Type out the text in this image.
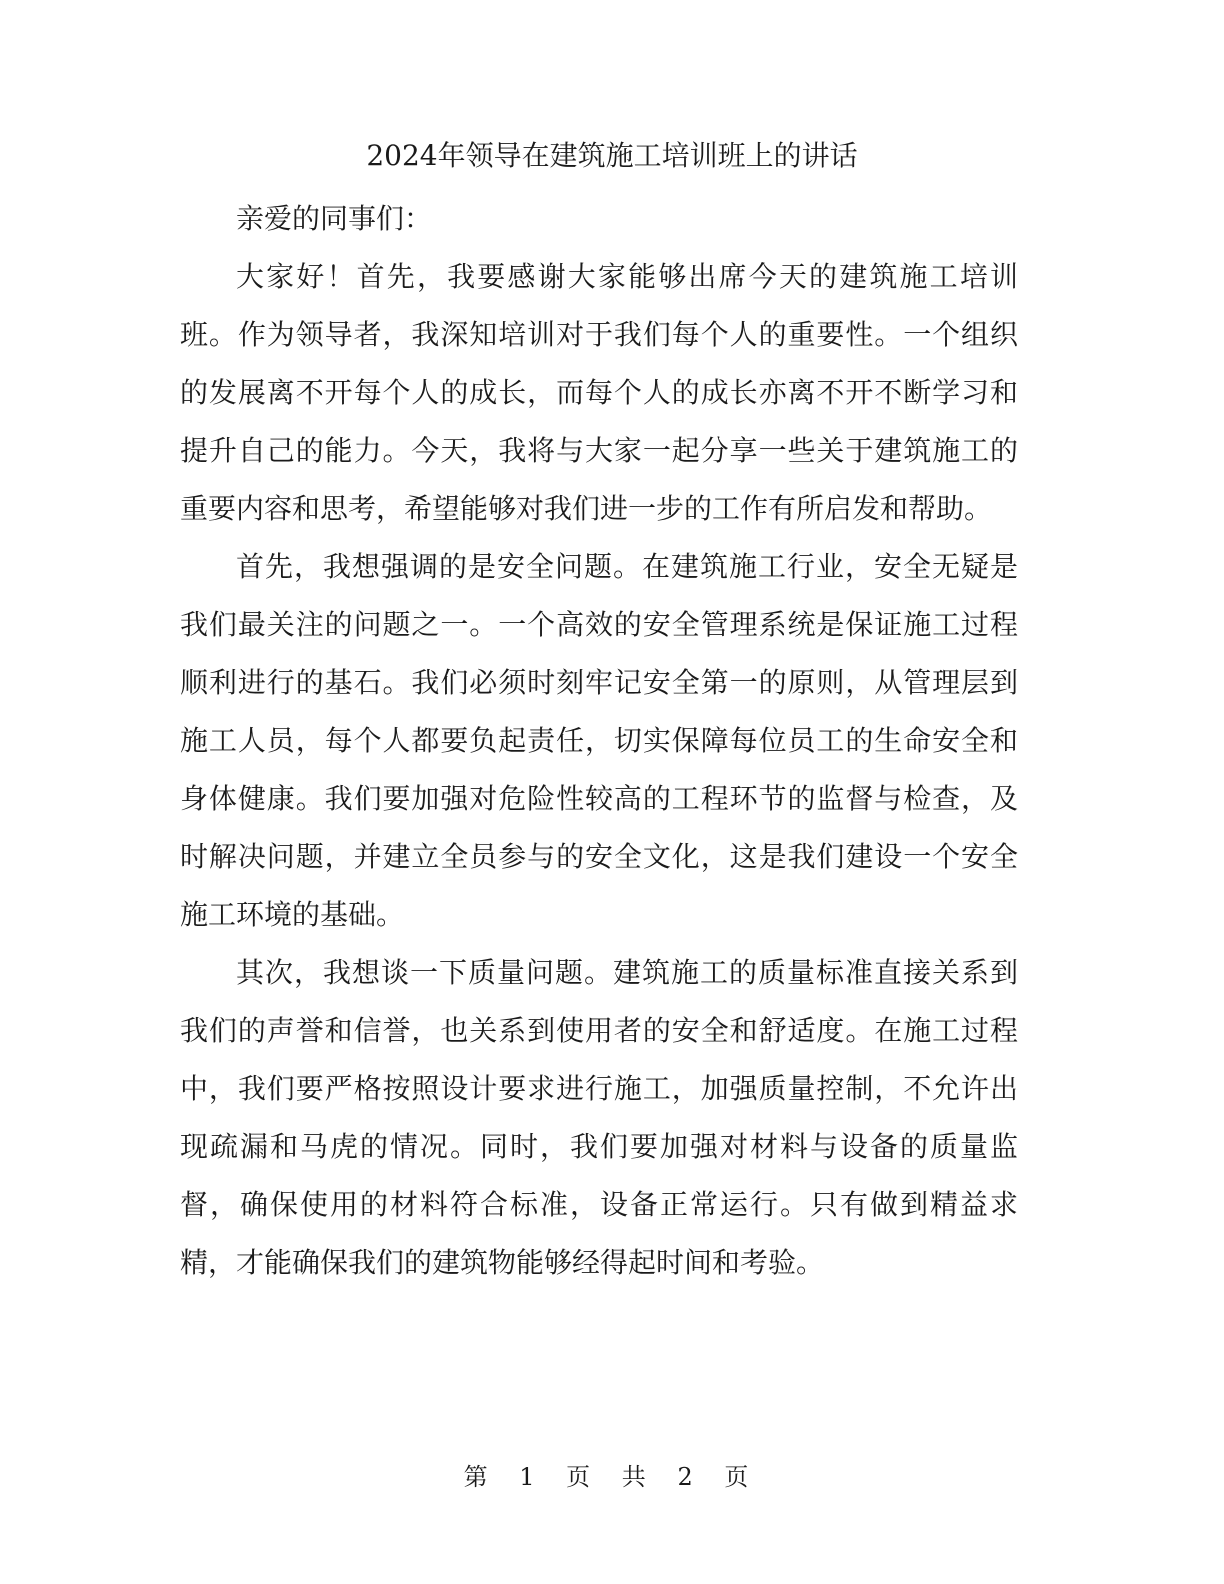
2024年领导在建筑施工培训班上的讲话

亲爱的同事们：

大家好！首先，我要感谢大家能够出席今天的建筑施工培训班。作为领导者，我深知培训对于我们每个人的重要性。一个组织的发展离不开每个人的成长，而每个人的成长亦离不开不断学习和提升自己的能力。今天，我将与大家一起分享一些关于建筑施工的重要内容和思考，希望能够对我们进一步的工作有所启发和帮助。

首先，我想强调的是安全问题。在建筑施工行业，安全无疑是我们最关注的问题之一。一个高效的安全管理系统是保证施工过程顺利进行的基石。我们必须时刻牢记安全第一的原则，从管理层到施工人员，每个人都要负起责任，切实保障每位员工的生命安全和身体健康。我们要加强对危险性较高的工程环节的监督与检查，及时解决问题，并建立全员参与的安全文化，这是我们建设一个安全施工环境的基础。

其次，我想谈一下质量问题。建筑施工的质量标准直接关系到我们的声誉和信誉，也关系到使用者的安全和舒适度。在施工过程中，我们要严格按照设计要求进行施工，加强质量控制，不允许出现疏漏和马虎的情况。同时，我们要加强对材料与设备的质量监督，确保使用的材料符合标准，设备正常运行。只有做到精益求精，才能确保我们的建筑物能够经得起时间和考验。

第 1 页 共 2 页
